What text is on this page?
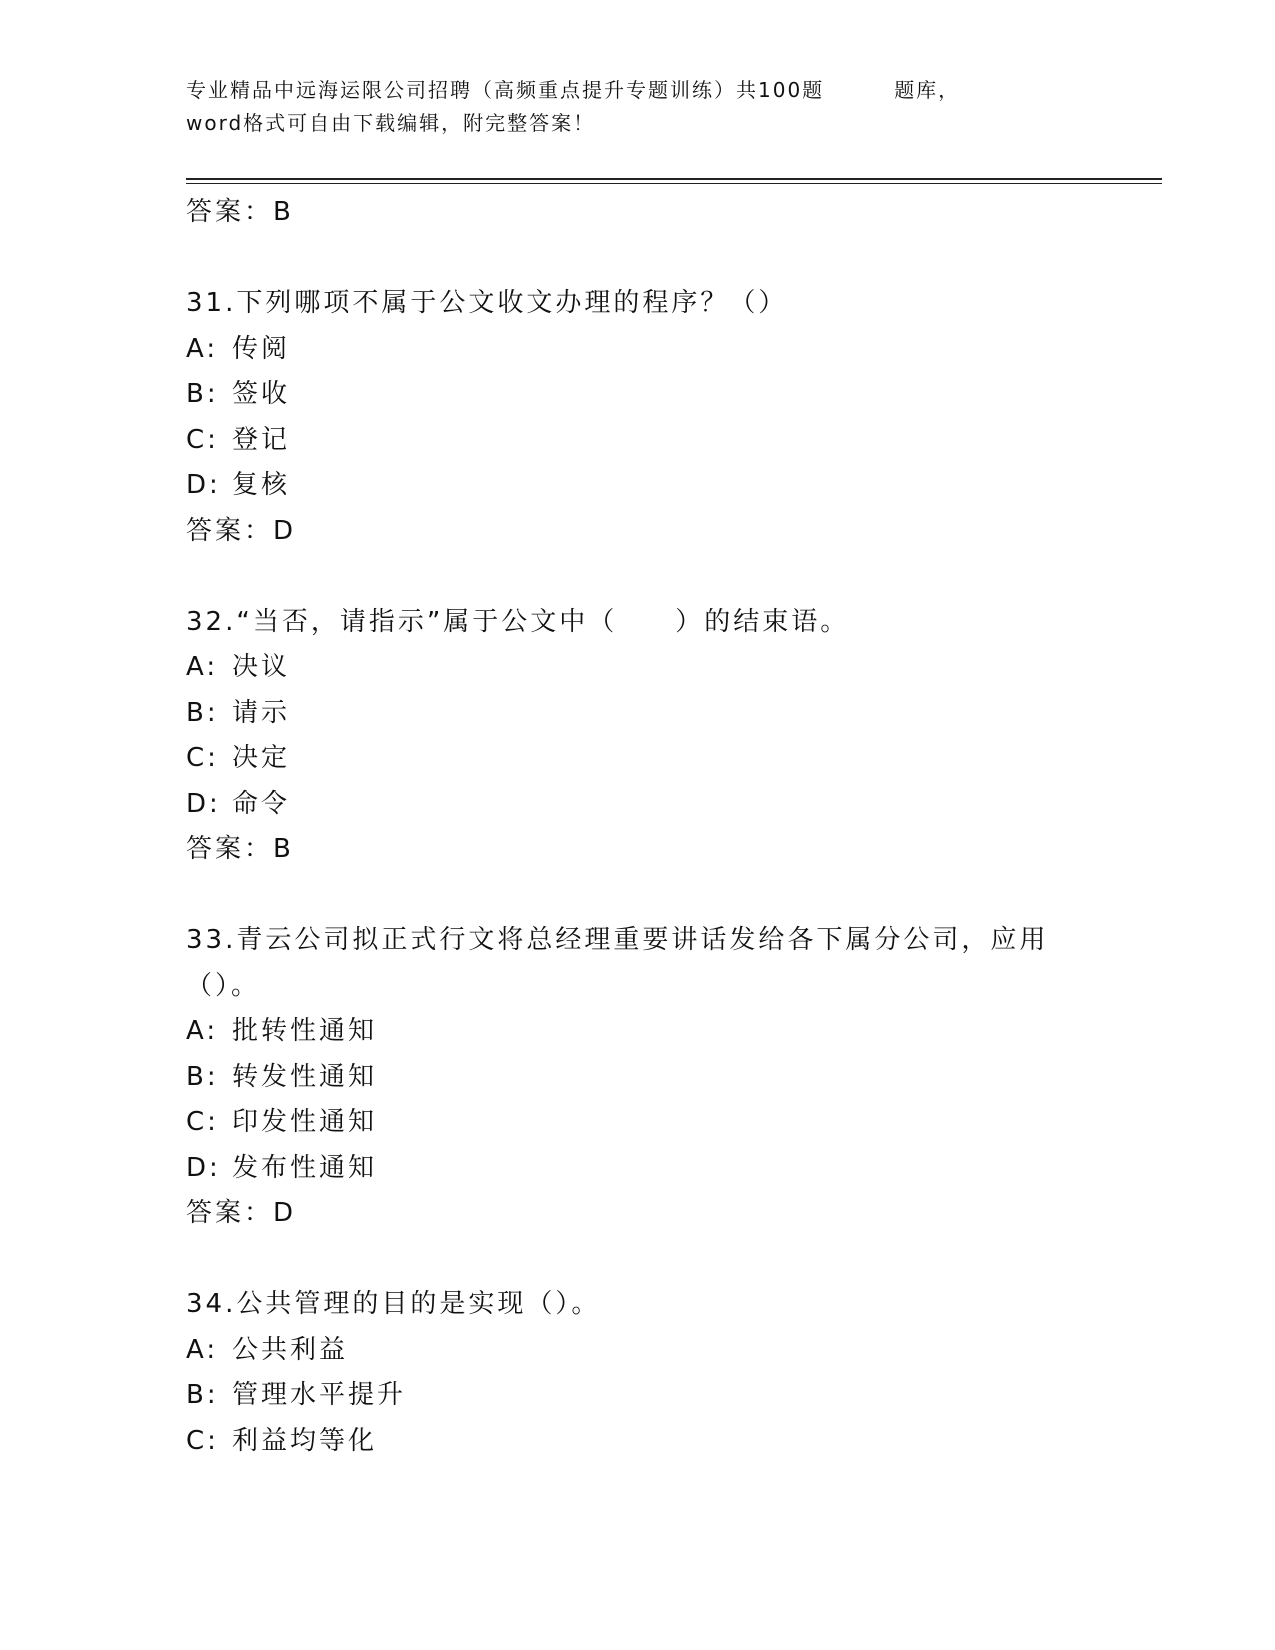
专业精品中远海运限公司招聘（高频重点提升专题训练）共100题	题库，
word格式可自由下载编辑，附完整答案！
答案：B
31.下列哪项不属于公文收文办理的程序？（）
A: 传阅
B: 签收
C: 登记
D: 复核
答案：D
32.“当否，请指示”属于公文中（　　）的结束语。
A: 决议
B: 请示
C: 决定
D: 命令
答案：B
33.青云公司拟正式行文将总经理重要讲话发给各下属分公司，应用（）。
A: 批转性通知
B: 转发性通知
C: 印发性通知
D: 发布性通知
答案：D
34.公共管理的目的是实现（）。
A: 公共利益
B: 管理水平提升
C: 利益均等化
